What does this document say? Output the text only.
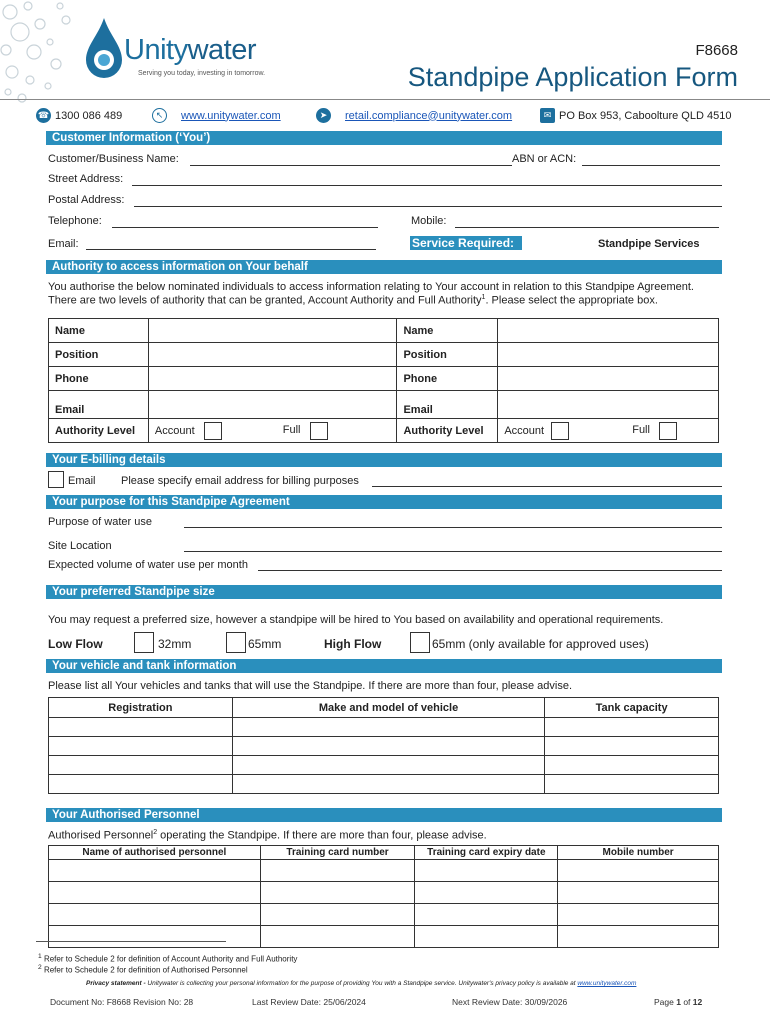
Unitywater
Serving you today, investing in tomorrow.
F8668
Standpipe Application Form
☎ 1300 086 489	↖	www.unitywater.com	➤	retail.compliance@unitywater.com	✉ PO Box 953, Caboolture QLD 4510
Customer Information (‘You’)
Customer/Business Name:	ABN or ACN:
Street Address:
Postal Address:
Telephone:	Mobile:
Email:	Service Required:	Standpipe Services
Authority to access information on Your behalf
You authorise the below nominated individuals to access information relating to Your account in relation to this Standpipe Agreement.
There are two levels of authority that can be granted, Account Authority and Full Authority$^1$. Please select the appropriate box.
Name		Name	
Position		Position	
Phone		Phone	
Email		Email	
Authority Level	Account Full	Authority Level	Account Full
Your E-billing details
Email Please specify email address for billing purposes
Your purpose for this Standpipe Agreement
Purpose of water use
Site Location
Expected volume of water use per month
Your preferred Standpipe size
You may request a preferred size, however a standpipe will be hired to You based on availability and operational requirements.
Low Flow	32mm	65mm	High Flow	65mm (only available for approved uses)
Your vehicle and tank information
Please list all Your vehicles and tanks that will use the Standpipe. If there are more than four, please advise.
Registration	Make and model of vehicle	Tank capacity

Your Authorised Personnel
Authorised Personnel$^2$ operating the Standpipe. If there are more than four, please advise.
Name of authorised personnel	Training card number	Training card expiry date	Mobile number

$^1$ Refer to Schedule 2 for definition of Account Authority and Full Authority
$^2$ Refer to Schedule 2 for definition of Authorised Personnel
Privacy statement - Unitywater is collecting your personal information for the purpose of providing You with a Standpipe service. Unitywater's privacy policy is available at www.unitywater.com
Document No: F8668 Revision No: 28	Last Review Date: 25/06/2024	Next Review Date: 30/09/2026	Page 1 of 12
